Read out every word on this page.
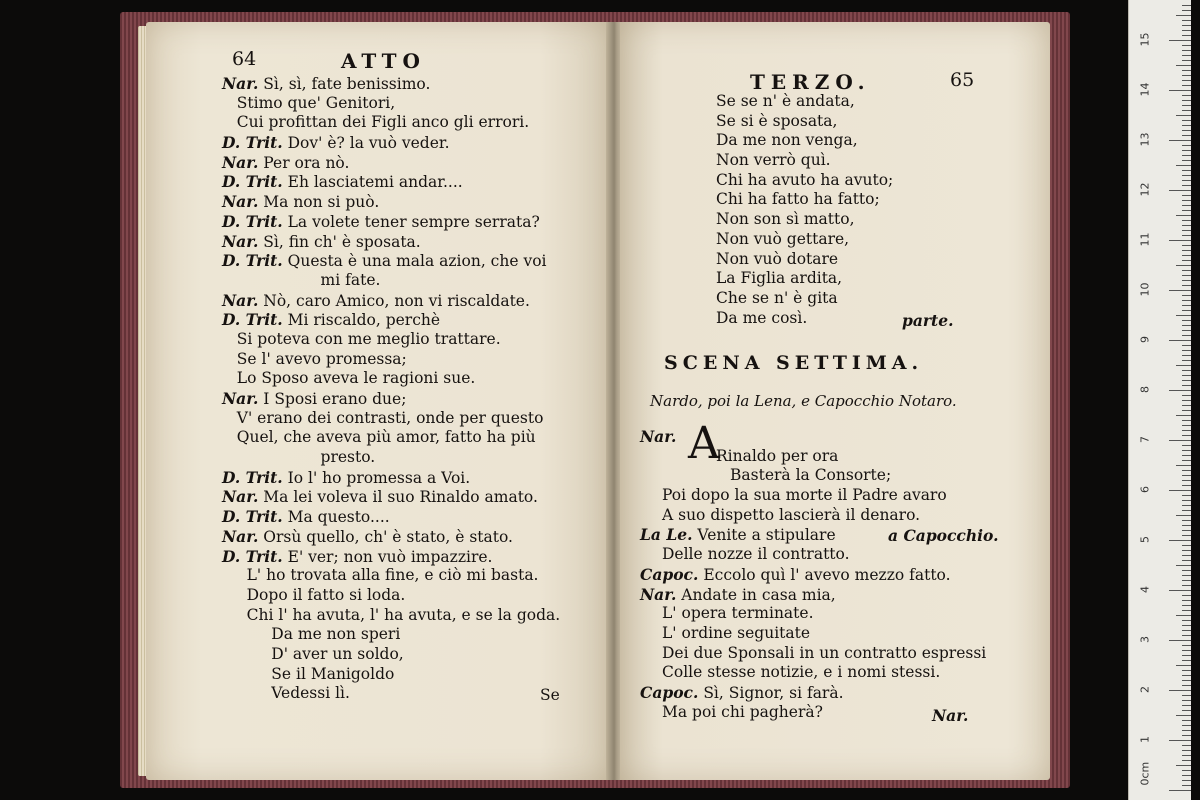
64	ATTO
Nar. Sì, sì, fate benissimo.
Stimo que' Genitori,
Cui profittan dei Figli anco gli errori.
D. Trit. Dov' è? la vuò veder.
Nar. Per ora nò.
D. Trit. Eh lasciatemi andar....
Nar. Ma non si può.
D. Trit. La volete tener sempre serrata?
Nar. Sì, fin ch' è sposata.
D. Trit. Questa è una mala azion, che voi
mi fate.
Nar. Nò, caro Amico, non vi riscaldate.
D. Trit. Mi riscaldo, perchè
Si poteva con me meglio trattare.
Se l' avevo promessa;
Lo Sposo aveva le ragioni sue.
Nar. I Sposi erano due;
V' erano dei contrasti, onde per questo
Quel, che aveva più amor, fatto ha più
presto.
D. Trit. Io l' ho promessa a Voi.
Nar. Ma lei voleva il suo Rinaldo amato.
D. Trit. Ma questo....
Nar. Orsù quello, ch' è stato, è stato.
D. Trit. E' ver; non vuò impazzire.
L' ho trovata alla fine, e ciò mi basta.
Dopo il fatto si loda.
Chi l' ha avuta, l' ha avuta, e se la goda.
Da me non speri
D' aver un soldo,
Se il Manigoldo
Vedessi lì.	Se
TERZO.	65
Se se n' è andata,
Se si è sposata,
Da me non venga,
Non verrò quì.
Chi ha avuto ha avuto;
Chi ha fatto ha fatto;
Non son sì matto,
Non vuò gettare,
Non vuò dotare
La Figlia ardita,
Che se n' è gita
Da me così.	parte.
SCENA SETTIMA.
Nardo, poi la Lena, e Capocchio Notaro.
A
Nar.
Rinaldo per ora
Basterà la Consorte;
Poi dopo la sua morte il Padre avaro
A suo dispetto lascierà il denaro.
La Le. Venite a stipulare
Delle nozze il contratto.
Capoc. Eccolo quì l' avevo mezzo fatto.
Nar. Andate in casa mia,
L' opera terminate.
L' ordine seguitate
Dei due Sponsali in un contratto espressi
Colle stesse notizie, e i nomi stessi.
Capoc. Sì, Signor, si farà.
Ma poi chi pagherà?
a Capocchio.
Nar.
15
14
13
12
11
10
9
8
7
6
5
4
3
2
1
0cm
